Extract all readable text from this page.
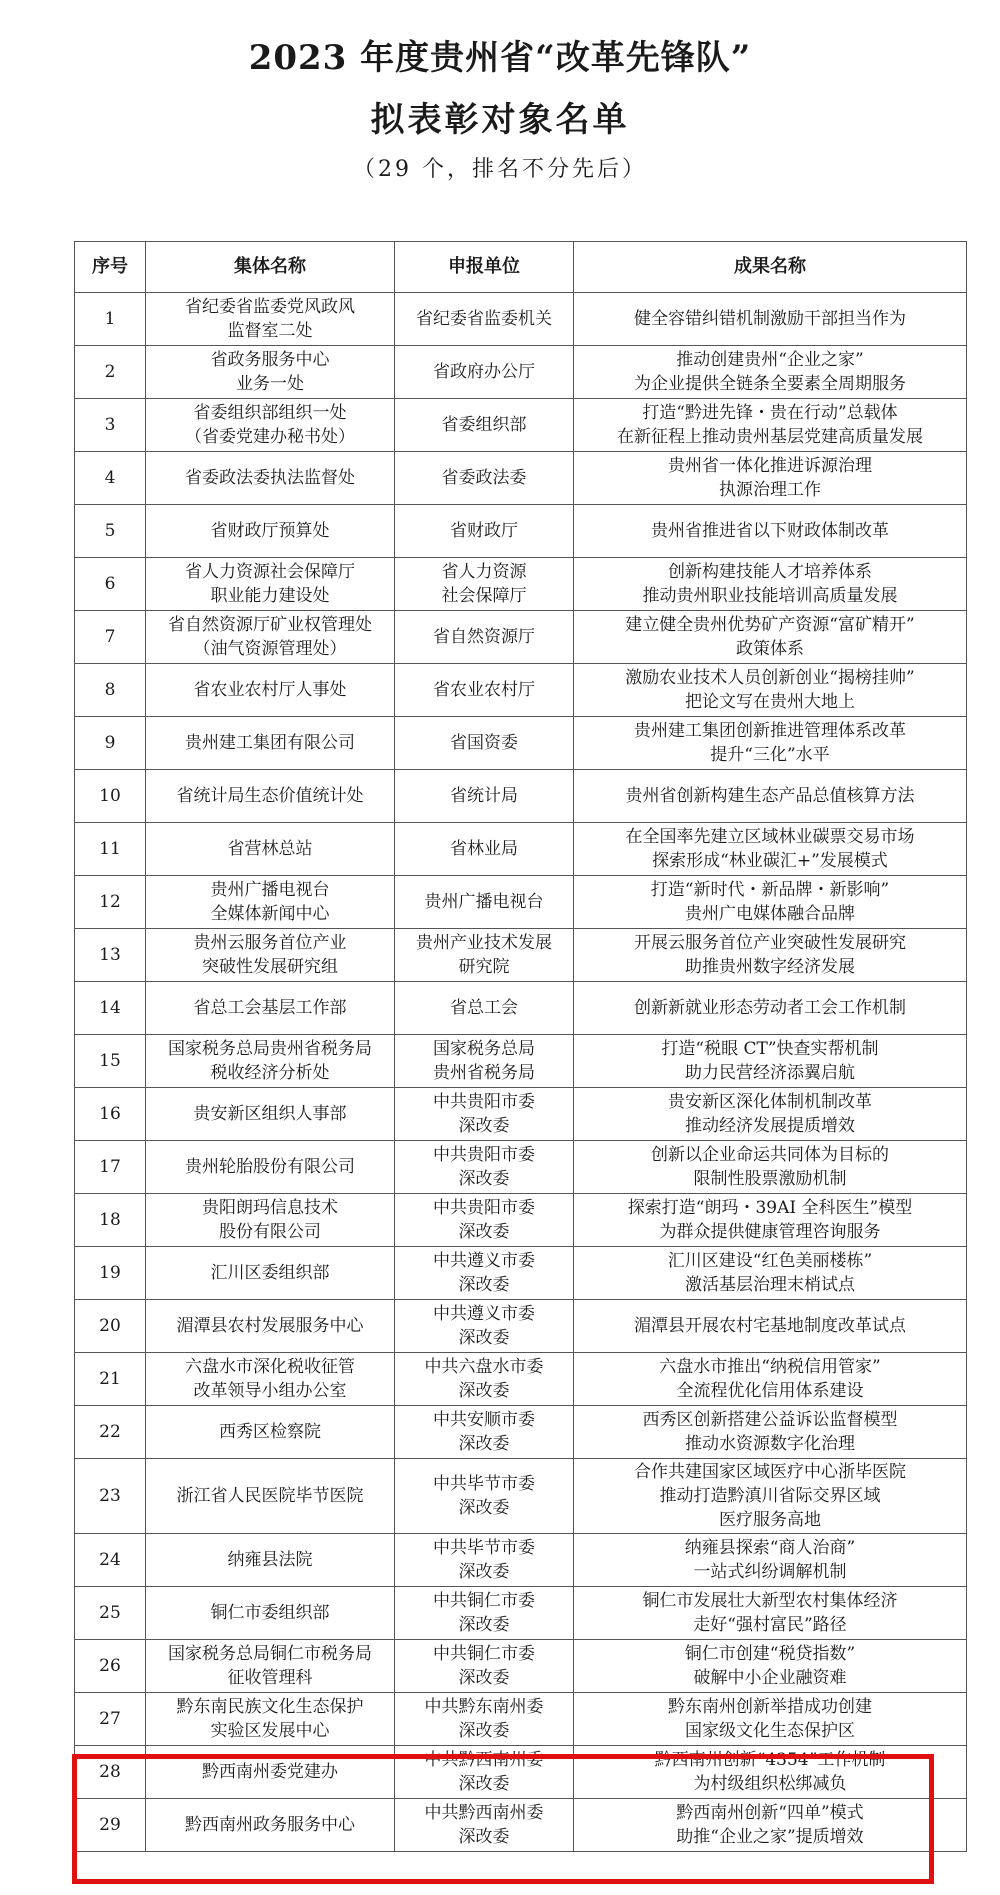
2023 年度贵州省“改革先锋队”
拟表彰对象名单
（29 个，排名不分先后）
序号	集体名称	申报单位	成果名称
1	省纪委省监委党风政风
监督室二处	省纪委省监委机关	健全容错纠错机制激励干部担当作为

2	省政务服务中心
业务一处	省政府办公厅	推动创建贵州“企业之家”
为企业提供全链条全要素全周期服务

3	省委组织部组织一处
（省委党建办秘书处）	省委组织部	打造“黔进先锋・贵在行动”总载体
在新征程上推动贵州基层党建高质量发展

4	省委政法委执法监督处	省委政法委	贵州省一体化推进诉源治理
执源治理工作

5	省财政厅预算处	省财政厅	贵州省推进省以下财政体制改革

6	省人力资源社会保障厅
职业能力建设处	省人力资源
社会保障厅	创新构建技能人才培养体系
推动贵州职业技能培训高质量发展

7	省自然资源厅矿业权管理处
（油气资源管理处）	省自然资源厅	建立健全贵州优势矿产资源“富矿精开”
政策体系

8	省农业农村厅人事处	省农业农村厅	激励农业技术人员创新创业“揭榜挂帅”
把论文写在贵州大地上

9	贵州建工集团有限公司	省国资委	贵州建工集团创新推进管理体系改革
提升“三化”水平

10	省统计局生态价值统计处	省统计局	贵州省创新构建生态产品总值核算方法

11	省营林总站	省林业局	在全国率先建立区域林业碳票交易市场
探索形成“林业碳汇+”发展模式

12	贵州广播电视台
全媒体新闻中心	贵州广播电视台	打造“新时代・新品牌・新影响”
贵州广电媒体融合品牌

13	贵州云服务首位产业
突破性发展研究组	贵州产业技术发展
研究院	开展云服务首位产业突破性发展研究
助推贵州数字经济发展

14	省总工会基层工作部	省总工会	创新新就业形态劳动者工会工作机制

15	国家税务总局贵州省税务局
税收经济分析处	国家税务总局
贵州省税务局	打造“税眼 CT”快查实帮机制
助力民营经济添翼启航

16	贵安新区组织人事部	中共贵阳市委
深改委	贵安新区深化体制机制改革
推动经济发展提质增效

17	贵州轮胎股份有限公司	中共贵阳市委
深改委	创新以企业命运共同体为目标的
限制性股票激励机制

18	贵阳朗玛信息技术
股份有限公司	中共贵阳市委
深改委	探索打造“朗玛・39AI 全科医生”模型
为群众提供健康管理咨询服务

19	汇川区委组织部	中共遵义市委
深改委	汇川区建设“红色美丽楼栋”
激活基层治理末梢试点

20	湄潭县农村发展服务中心	中共遵义市委
深改委	湄潭县开展农村宅基地制度改革试点

21	六盘水市深化税收征管
改革领导小组办公室	中共六盘水市委
深改委	六盘水市推出“纳税信用管家”
全流程优化信用体系建设

22	西秀区检察院	中共安顺市委
深改委	西秀区创新搭建公益诉讼监督模型
推动水资源数字化治理

23	浙江省人民医院毕节医院	中共毕节市委
深改委	合作共建国家区域医疗中心浙毕医院
推动打造黔滇川省际交界区域
医疗服务高地

24	纳雍县法院	中共毕节市委
深改委	纳雍县探索“商人治商”
一站式纠纷调解机制

25	铜仁市委组织部	中共铜仁市委
深改委	铜仁市发展壮大新型农村集体经济
走好“强村富民”路径

26	国家税务总局铜仁市税务局
征收管理科	中共铜仁市委
深改委	铜仁市创建“税贷指数”
破解中小企业融资难

27	黔东南民族文化生态保护
实验区发展中心	中共黔东南州委
深改委	黔东南州创新举措成功创建
国家级文化生态保护区

28	黔西南州委党建办	中共黔西南州委
深改委	黔西南州创新“4354”工作机制
为村级组织松绑减负

29	黔西南州政务服务中心	中共黔西南州委
深改委	黔西南州创新“四单”模式
助推“企业之家”提质增效
